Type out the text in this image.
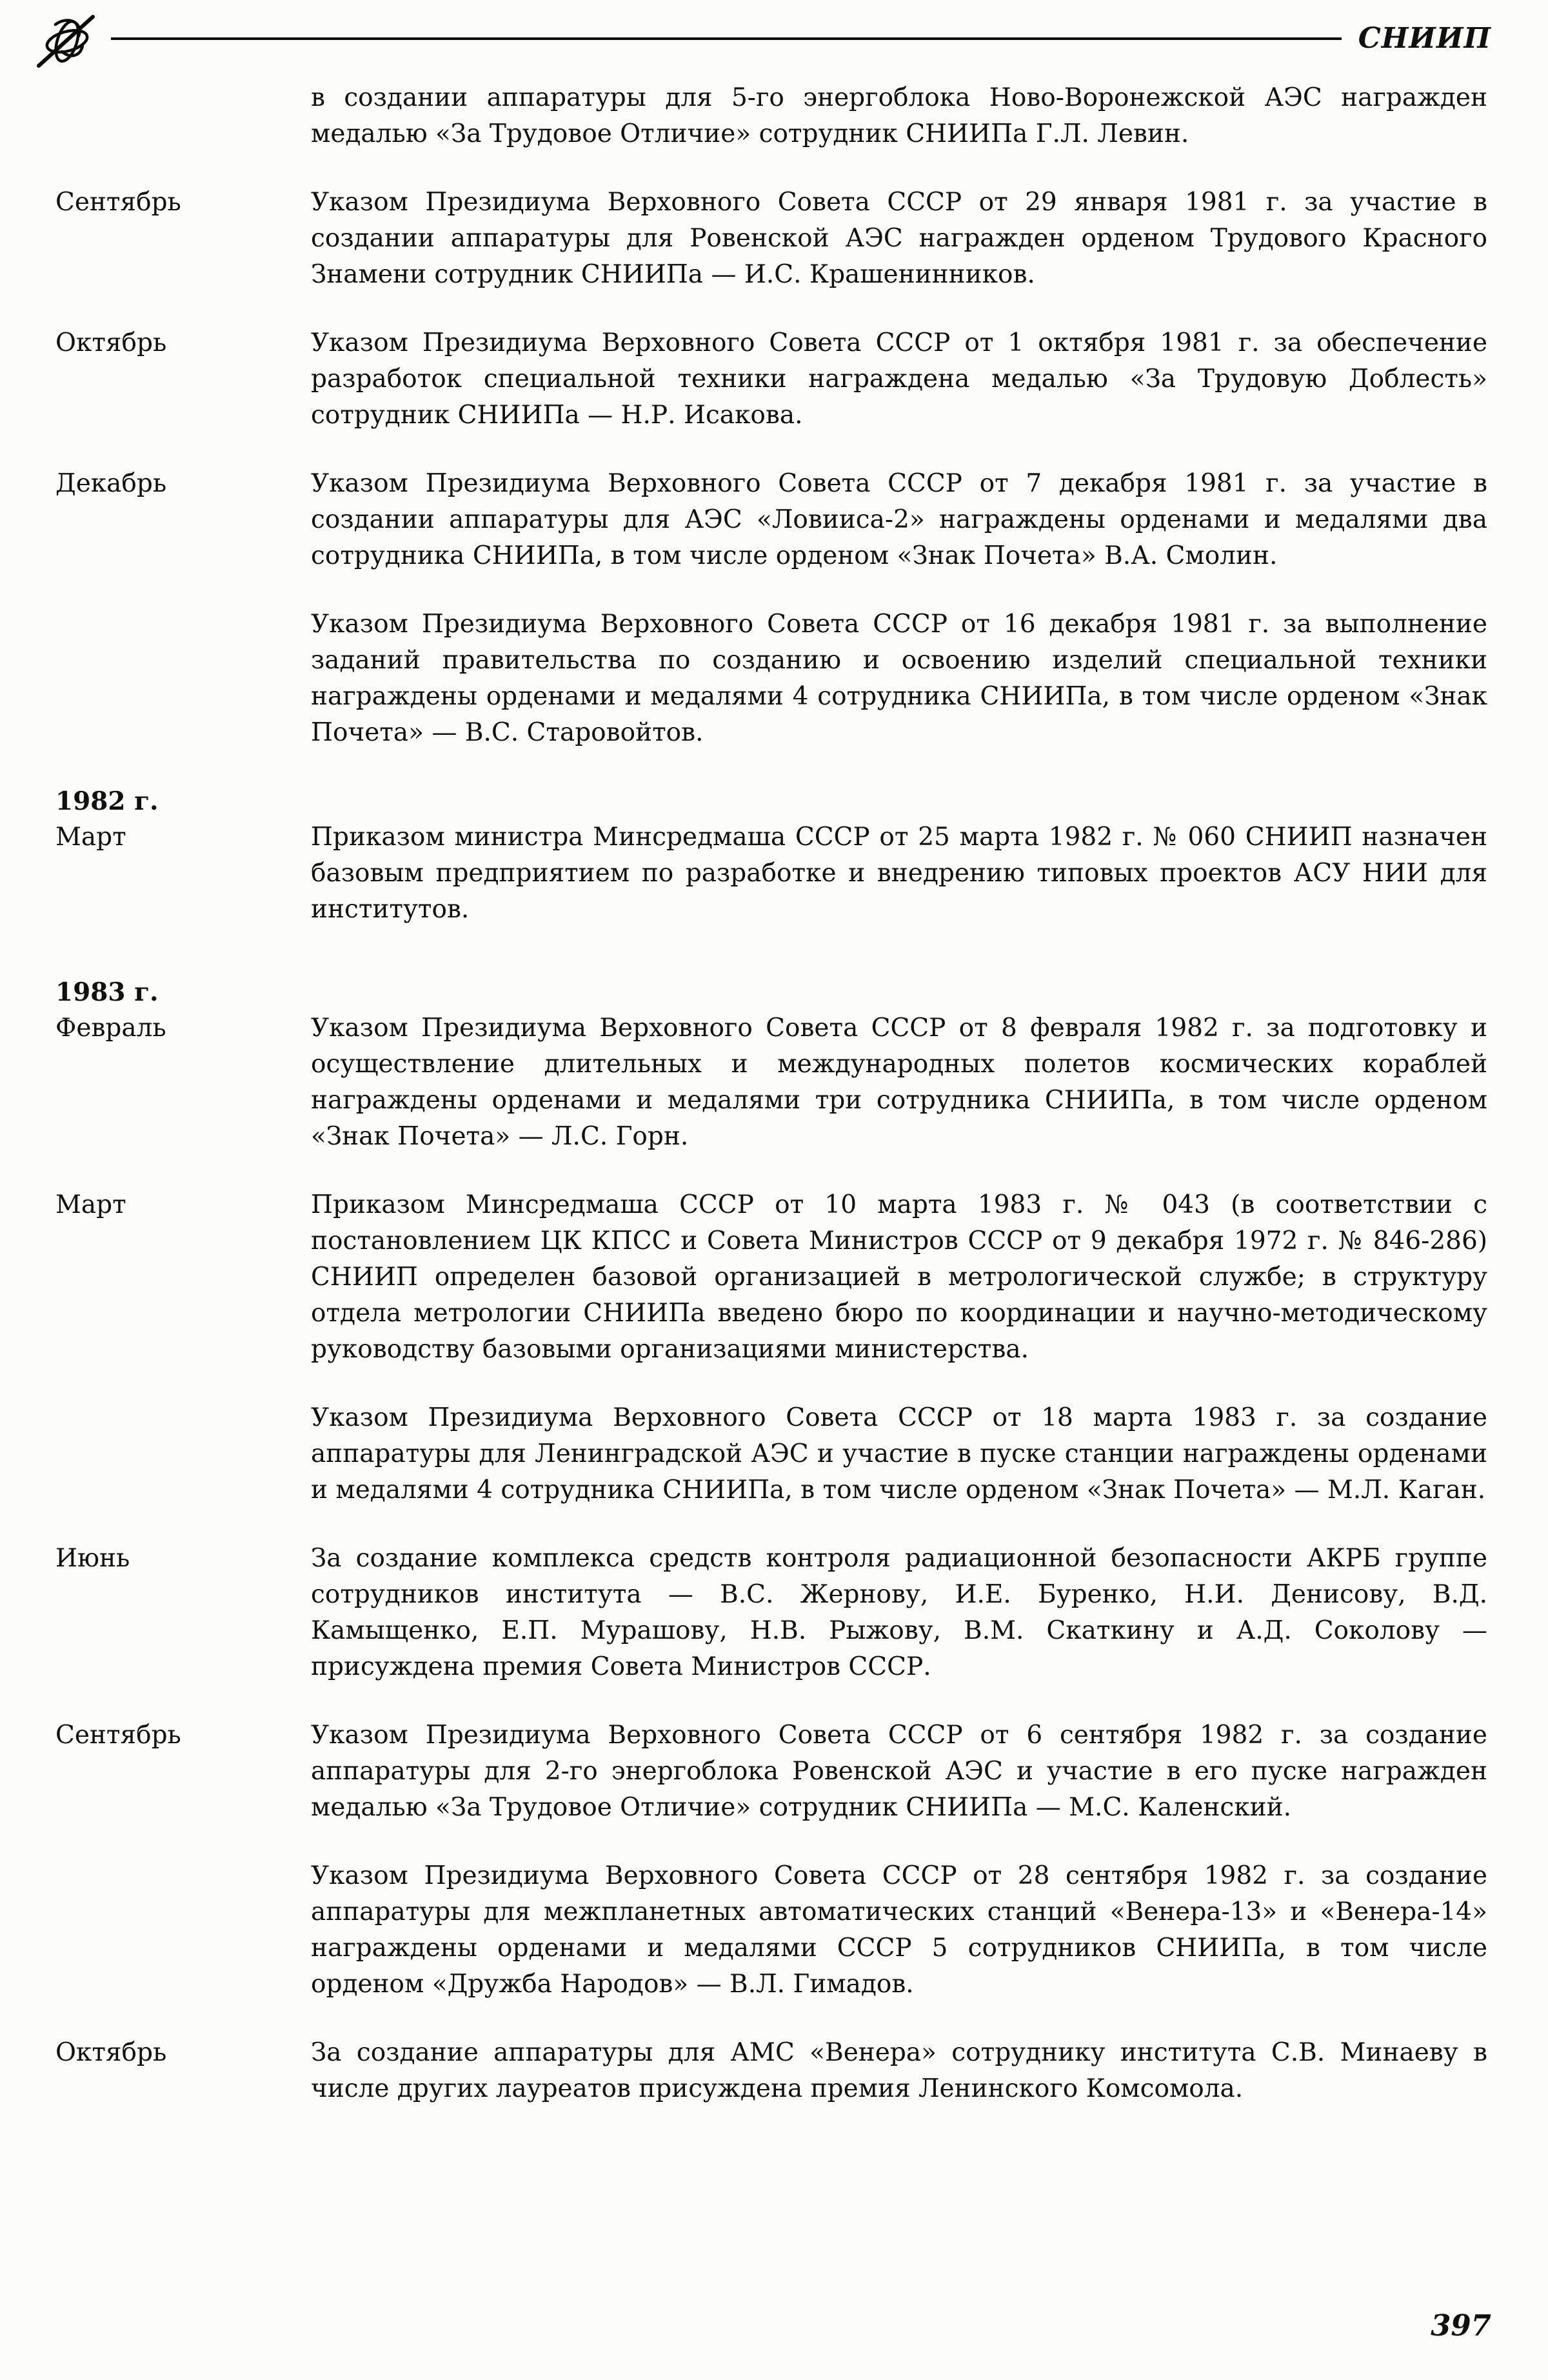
СНИИП
в создании аппаратуры для 5-го энергоблока Ново-Воронежской АЭС награжден медалью «За Трудовое Отличие» сотрудник СНИИПа Г.Л. Левин.
Сентябрь	Указом Президиума Верховного Совета СССР от 29 января 1981 г. за участие в создании аппаратуры для Ровенской АЭС награжден орденом Трудового Красного Знамени сотрудник СНИИПа — И.С. Крашенинников.
Октябрь	Указом Президиума Верховного Совета СССР от 1 октября 1981 г. за обеспечение разработок специальной техники награждена медалью «За Трудовую Доблесть» сотрудник СНИИПа — Н.Р. Исакова.
Декабрь	Указом Президиума Верховного Совета СССР от 7 декабря 1981 г. за участие в создании аппаратуры для АЭС «Ловииса-2» награждены орденами и медалями два сотрудника СНИИПа, в том числе орденом «Знак Почета» В.А. Смолин.
Указом Президиума Верховного Совета СССР от 16 декабря 1981 г. за выполнение заданий правительства по созданию и освоению изделий специальной техники награждены орденами и медалями 4 сотрудника СНИИПа, в том числе орденом «Знак Почета» — В.С. Старовойтов.
1982 г.
Март	Приказом министра Минсредмаша СССР от 25 марта 1982 г. № 060 СНИИП назначен базовым предприятием по разработке и внедрению типовых проектов АСУ НИИ для институтов.
1983 г.
Февраль	Указом Президиума Верховного Совета СССР от 8 февраля 1982 г. за подготовку и осуществление длительных и международных полетов космических кораблей награждены орденами и медалями три сотрудника СНИИПа, в том числе орденом «Знак Почета» — Л.С. Горн.
Март	Приказом Минсредмаша СССР от 10 марта 1983 г. № 043 (в соответствии с постановлением ЦК КПСС и Совета Министров СССР от 9 декабря 1972 г. № 846-286) СНИИП определен базовой организацией в метрологической службе; в структуру отдела метрологии СНИИПа введено бюро по координации и научно-методическому руководству базовыми организациями министерства.
Указом Президиума Верховного Совета СССР от 18 марта 1983 г. за создание аппаратуры для Ленинградской АЭС и участие в пуске станции награждены орденами и медалями 4 сотрудника СНИИПа, в том числе орденом «Знак Почета» — М.Л. Каган.
Июнь	За создание комплекса средств контроля радиационной безопасности АКРБ группе сотрудников института — В.С. Жернову, И.Е. Буренко, Н.И. Денисову, В.Д. Камыщенко, Е.П. Мурашову, Н.В. Рыжову, В.М. Скаткину и А.Д. Соколову — присуждена премия Совета Министров СССР.
Сентябрь	Указом Президиума Верховного Совета СССР от 6 сентября 1982 г. за создание аппаратуры для 2-го энергоблока Ровенской АЭС и участие в его пуске награжден медалью «За Трудовое Отличие» сотрудник СНИИПа — М.С. Каленский.
Указом Президиума Верховного Совета СССР от 28 сентября 1982 г. за создание аппаратуры для межпланетных автоматических станций «Венера-13» и «Венера-14» награждены орденами и медалями СССР 5 сотрудников СНИИПа, в том числе орденом «Дружба Народов» — В.Л. Гимадов.
Октябрь	За создание аппаратуры для АМС «Венера» сотруднику института С.В. Минаеву в числе других лауреатов присуждена премия Ленинского Комсомола.
397
